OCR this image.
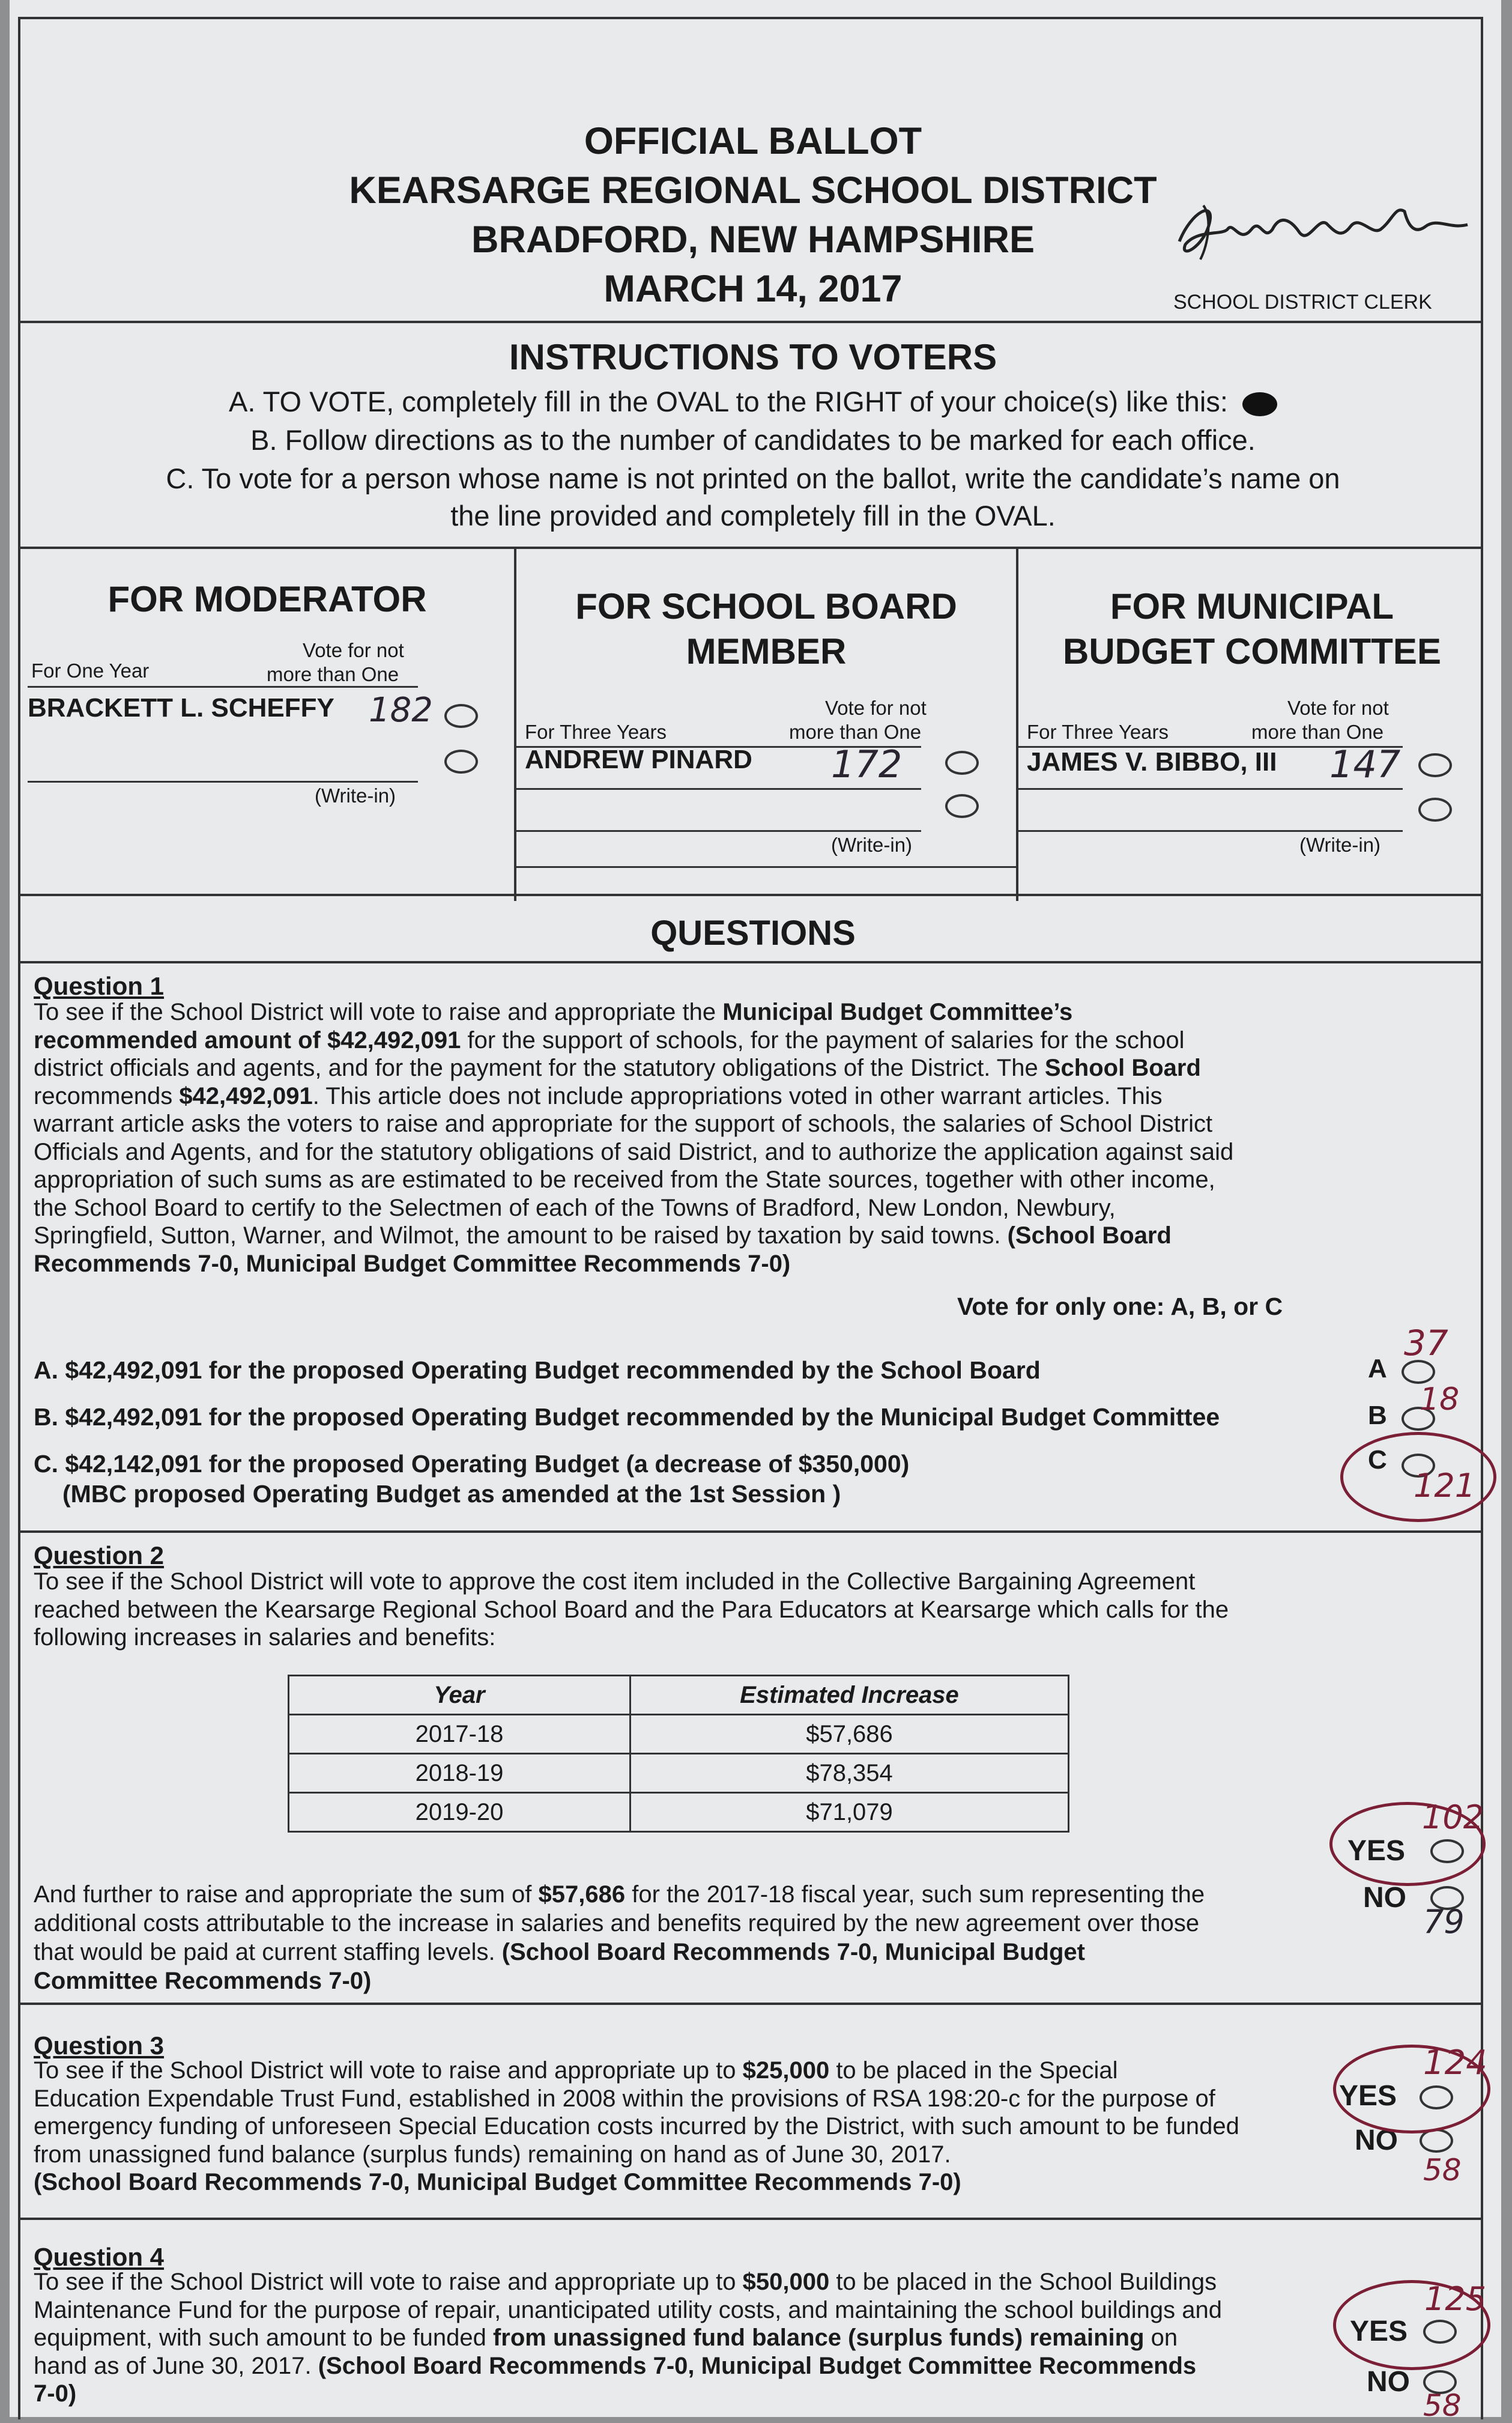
OFFICIAL BALLOT
KEARSARGE REGIONAL SCHOOL DISTRICT
BRADFORD, NEW HAMPSHIRE
MARCH 14, 2017	SCHOOL DISTRICT CLERK
INSTRUCTIONS TO VOTERS
A. TO VOTE, completely fill in the OVAL to the RIGHT of your choice(s) like this:
B. Follow directions as to the number of candidates to be marked for each office.
C. To vote for a person whose name is not printed on the ballot, write the candidate’s name on
the line provided and completely fill in the OVAL.
FOR MODERATOR
Vote for not
more than One
For One Year
BRACKETT L. SCHEFFY 182
(Write-in)
FOR SCHOOL BOARD
MEMBER
Vote for not
more than One
For Three Years
ANDREW PINARD 172
(Write-in)
FOR MUNICIPAL
BUDGET COMMITTEE
Vote for not
more than One
For Three Years
JAMES V. BIBBO, III 147
(Write-in)
QUESTIONS
Question 1
To see if the School District will vote to raise and appropriate the Municipal Budget Committee’s
recommended amount of $42,492,091 for the support of schools, for the payment of salaries for the school
district officials and agents, and for the payment for the statutory obligations of the District. The School Board
recommends $42,492,091. This article does not include appropriations voted in other warrant articles. This
warrant article asks the voters to raise and appropriate for the support of schools, the salaries of School District
Officials and Agents, and for the statutory obligations of said District, and to authorize the application against said
appropriation of such sums as are estimated to be received from the State sources, together with other income,
the School Board to certify to the Selectmen of each of the Towns of Bradford, New London, Newbury,
Springfield, Sutton, Warner, and Wilmot, the amount to be raised by taxation by said towns. (School Board
Recommends 7-0, Municipal Budget Committee Recommends 7-0)
Vote for only one: A, B, or C
A. $42,492,091 for the proposed Operating Budget recommended by the School Board
B. $42,492,091 for the proposed Operating Budget recommended by the Municipal Budget Committee
C. $42,142,091 for the proposed Operating Budget (a decrease of $350,000)
(MBC proposed Operating Budget as amended at the 1st Session )
A
B
C
37
18
121
Question 2
To see if the School District will vote to approve the cost item included in the Collective Bargaining Agreement
reached between the Kearsarge Regional School Board and the Para Educators at Kearsarge which calls for the
following increases in salaries and benefits:
Year	Estimated Increase
2017-18	$57,686
2018-19	$78,354
2019-20	$71,079
And further to raise and appropriate the sum of $57,686 for the 2017-18 fiscal year, such sum representing the
additional costs attributable to the increase in salaries and benefits required by the new agreement over those
that would be paid at current staffing levels. (School Board Recommends 7-0, Municipal Budget
Committee Recommends 7-0)
YES
NO
102
79
Question 3
To see if the School District will vote to raise and appropriate up to $25,000 to be placed in the Special
Education Expendable Trust Fund, established in 2008 within the provisions of RSA 198:20-c for the purpose of
emergency funding of unforeseen Special Education costs incurred by the District, with such amount to be funded
from unassigned fund balance (surplus funds) remaining on hand as of June 30, 2017.
(School Board Recommends 7-0, Municipal Budget Committee Recommends 7-0)
YES
NO
124
58
Question 4
To see if the School District will vote to raise and appropriate up to $50,000 to be placed in the School Buildings
Maintenance Fund for the purpose of repair, unanticipated utility costs, and maintaining the school buildings and
equipment, with such amount to be funded from unassigned fund balance (surplus funds) remaining on
hand as of June 30, 2017. (School Board Recommends 7-0, Municipal Budget Committee Recommends
7-0)
YES
NO
125
58
